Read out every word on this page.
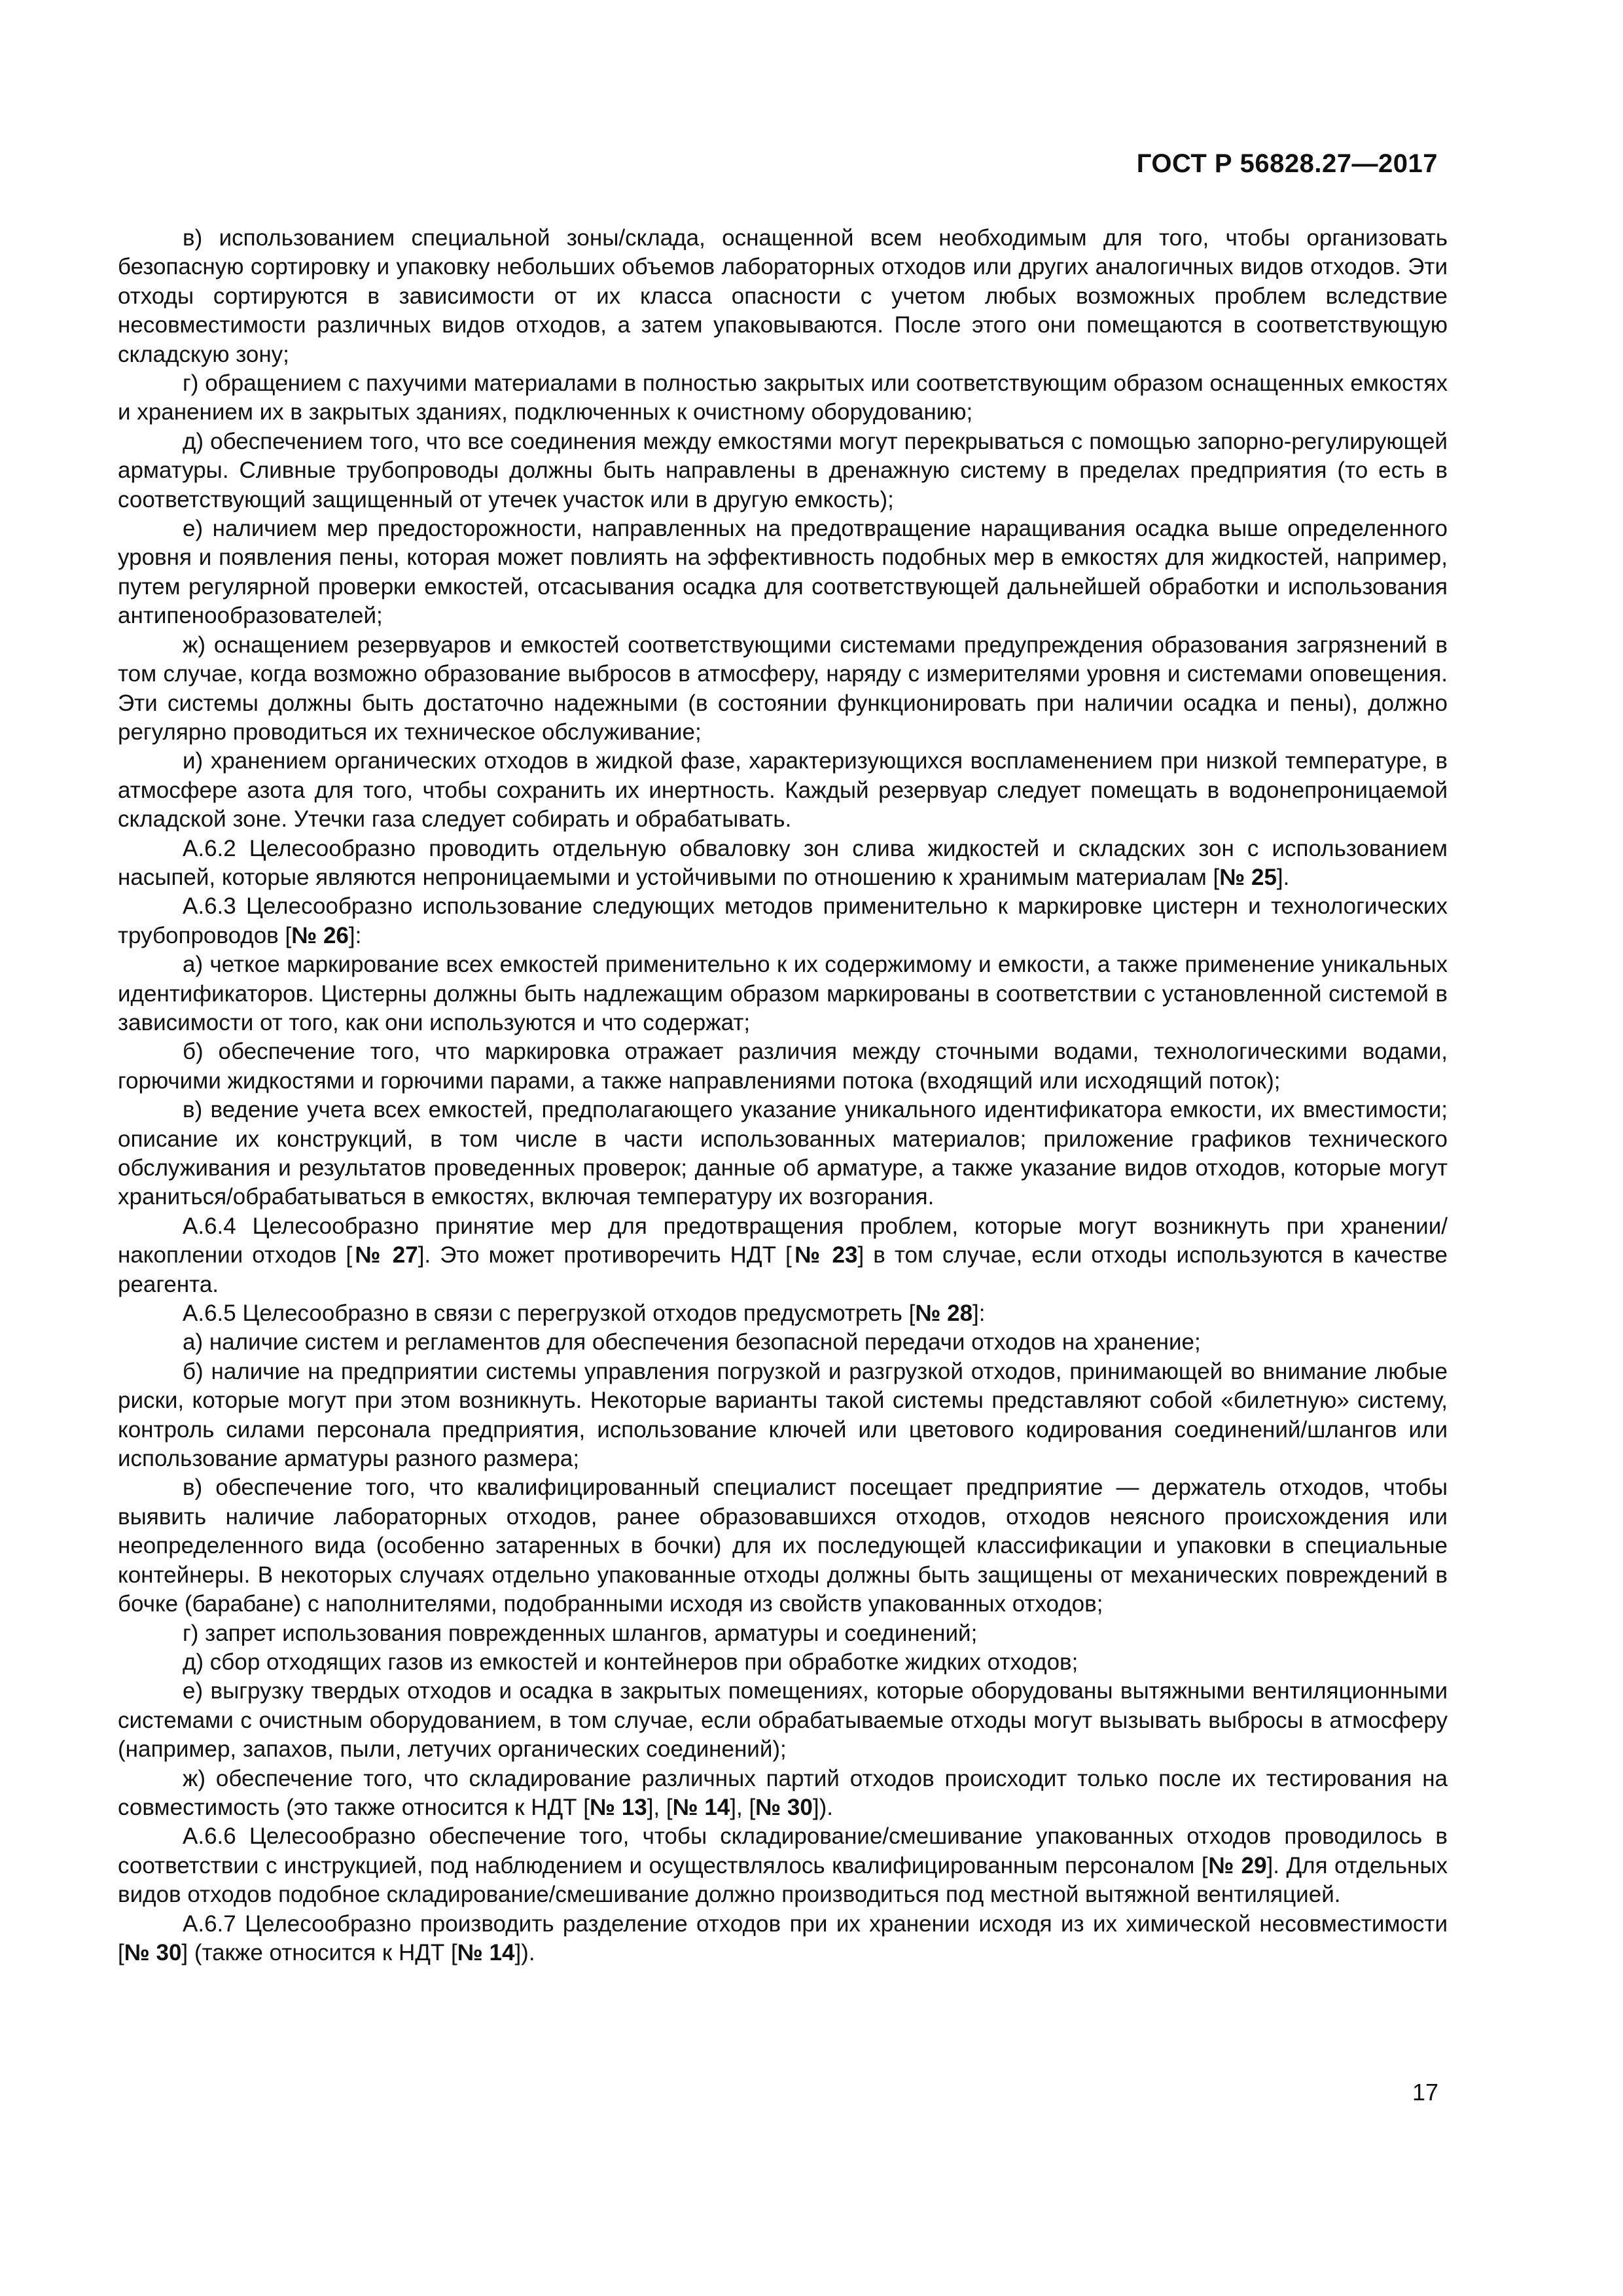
ГОСТ Р 56828.27—2017

в) использованием специальной зоны/склада, оснащенной всем необходимым для того, чтобы организовать безопасную сортировку и упаковку небольших объемов лабораторных отходов или других аналогичных видов отходов. Эти отходы сортируются в зависимости от их класса опасности с учетом любых возможных проблем вследствие несовместимости различных видов отходов, а затем упаковываются. После этого они помещаются в соответствующую складскую зону;

г) обращением с пахучими материалами в полностью закрытых или соответствующим образом оснащенных емкостях и хранением их в закрытых зданиях, подключенных к очистному оборудованию;

д) обеспечением того, что все соединения между емкостями могут перекрываться с помощью запорно-регулирующей арматуры. Сливные трубопроводы должны быть направлены в дренажную систему в пределах предприятия (то есть в соответствующий защищенный от утечек участок или в другую емкость);

е) наличием мер предосторожности, направленных на предотвращение наращивания осадка выше определенного уровня и появления пены, которая может повлиять на эффективность подобных мер в емкостях для жидкостей, например, путем регулярной проверки емкостей, отсасывания осадка для соответствующей дальнейшей обработки и использования антипенообразователей;

ж) оснащением резервуаров и емкостей соответствующими системами предупреждения образования загрязнений в том случае, когда возможно образование выбросов в атмосферу, наряду с измерителями уровня и системами оповещения. Эти системы должны быть достаточно надежными (в состоянии функционировать при наличии осадка и пены), должно регулярно проводиться их техническое обслуживание;

и) хранением органических отходов в жидкой фазе, характеризующихся воспламенением при низкой температуре, в атмосфере азота для того, чтобы сохранить их инертность. Каждый резервуар следует помещать в водонепроницаемой складской зоне. Утечки газа следует собирать и обрабатывать.

А.6.2 Целесообразно проводить отдельную обваловку зон слива жидкостей и складских зон с использованием насыпей, которые являются непроницаемыми и устойчивыми по отношению к хранимым материалам [№ 25].

А.6.3 Целесообразно использование следующих методов применительно к маркировке цистерн и технологических трубопроводов [№ 26]:

а) четкое маркирование всех емкостей применительно к их содержимому и емкости, а также применение уникальных идентификаторов. Цистерны должны быть надлежащим образом маркированы в соответствии с установленной системой в зависимости от того, как они используются и что содержат;

б) обеспечение того, что маркировка отражает различия между сточными водами, технологическими водами, горючими жидкостями и горючими парами, а также направлениями потока (входящий или исходящий поток);

в) ведение учета всех емкостей, предполагающего указание уникального идентификатора емкости, их вместимости; описание их конструкций, в том числе в части использованных материалов; приложение графиков технического обслуживания и результатов проведенных проверок; данные об арматуре, а также указание видов отходов, которые могут храниться/обрабатываться в емкостях, включая температуру их возгорания.

А.6.4 Целесообразно принятие мер для предотвращения проблем, которые могут возникнуть при хранении/накоплении отходов [№ 27]. Это может противоречить НДТ [№ 23] в том случае, если отходы используются в качестве реагента.

А.6.5 Целесообразно в связи с перегрузкой отходов предусмотреть [№ 28]:

а) наличие систем и регламентов для обеспечения безопасной передачи отходов на хранение;

б) наличие на предприятии системы управления погрузкой и разгрузкой отходов, принимающей во внимание любые риски, которые могут при этом возникнуть. Некоторые варианты такой системы представляют собой «билетную» систему, контроль силами персонала предприятия, использование ключей или цветового кодирования соединений/шлангов или использование арматуры разного размера;

в) обеспечение того, что квалифицированный специалист посещает предприятие — держатель отходов, чтобы выявить наличие лабораторных отходов, ранее образовавшихся отходов, отходов неясного происхождения или неопределенного вида (особенно затаренных в бочки) для их последующей классификации и упаковки в специальные контейнеры. В некоторых случаях отдельно упакованные отходы должны быть защищены от механических повреждений в бочке (барабане) с наполнителями, подобранными исходя из свойств упакованных отходов;

г) запрет использования поврежденных шлангов, арматуры и соединений;

д) сбор отходящих газов из емкостей и контейнеров при обработке жидких отходов;

е) выгрузку твердых отходов и осадка в закрытых помещениях, которые оборудованы вытяжными вентиляционными системами с очистным оборудованием, в том случае, если обрабатываемые отходы могут вызывать выбросы в атмосферу (например, запахов, пыли, летучих органических соединений);

ж) обеспечение того, что складирование различных партий отходов происходит только после их тестирования на совместимость (это также относится к НДТ [№ 13], [№ 14], [№ 30]).

А.6.6 Целесообразно обеспечение того, чтобы складирование/смешивание упакованных отходов проводилось в соответствии с инструкцией, под наблюдением и осуществлялось квалифицированным персоналом [№ 29]. Для отдельных видов отходов подобное складирование/смешивание должно производиться под местной вытяжной вентиляцией.

А.6.7 Целесообразно производить разделение отходов при их хранении исходя из их химической несовместимости [№ 30] (также относится к НДТ [№ 14]).

17
